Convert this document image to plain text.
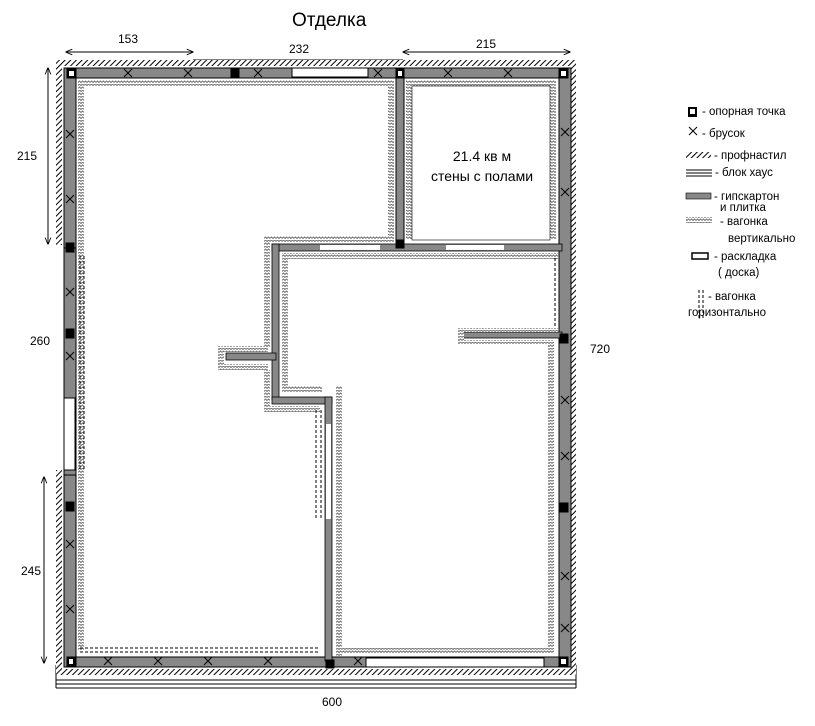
Отделка
153
232	215
215
260
245
720
600
21.4 кв м
стены с полами
- опорная точка
- брусок
- профнастил
- блок хаус
- гипскартон
и плитка
- вагонка
вертикально
- раскладка
( доска)
- вагонка
горизонтально
